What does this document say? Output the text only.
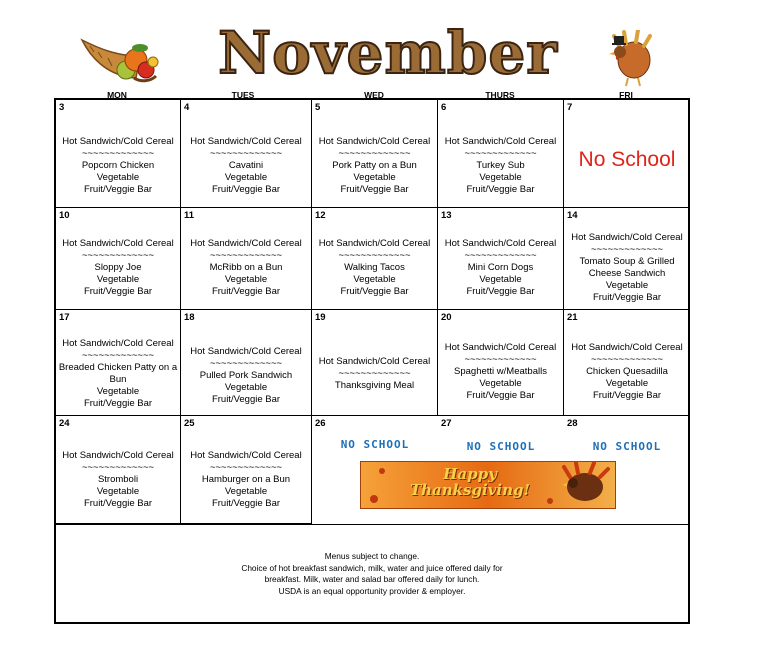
November
MON	TUES	WED	THURS	FRI
3
Hot Sandwich/Cold Cereal
~~~~~~~~~~~~~
Popcorn Chicken
Vegetable
Fruit/Veggie Bar
4
Hot Sandwich/Cold Cereal
~~~~~~~~~~~~~
Cavatini
Vegetable
Fruit/Veggie Bar
5
Hot Sandwich/Cold Cereal
~~~~~~~~~~~~~
Pork Patty on a Bun
Vegetable
Fruit/Veggie Bar
6
Hot Sandwich/Cold Cereal
~~~~~~~~~~~~~
Turkey Sub
Vegetable
Fruit/Veggie Bar
7
No School
10
Hot Sandwich/Cold Cereal
~~~~~~~~~~~~~
Sloppy Joe
Vegetable
Fruit/Veggie Bar
11
Hot Sandwich/Cold Cereal
~~~~~~~~~~~~~
McRibb on a Bun
Vegetable
Fruit/Veggie Bar
12
Hot Sandwich/Cold Cereal
~~~~~~~~~~~~~
Walking Tacos
Vegetable
Fruit/Veggie Bar
13
Hot Sandwich/Cold Cereal
~~~~~~~~~~~~~
Mini Corn Dogs
Vegetable
Fruit/Veggie Bar
14
Hot Sandwich/Cold Cereal
~~~~~~~~~~~~~
Tomato Soup & Grilled
Cheese Sandwich
Vegetable
Fruit/Veggie Bar
17
Hot Sandwich/Cold Cereal
~~~~~~~~~~~~~
Breaded Chicken Patty on a
Bun
Vegetable
Fruit/Veggie Bar
18
Hot Sandwich/Cold Cereal
~~~~~~~~~~~~~
Pulled Pork Sandwich
Vegetable
Fruit/Veggie Bar
19
Hot Sandwich/Cold Cereal
~~~~~~~~~~~~~
Thanksgiving Meal
20
Hot Sandwich/Cold Cereal
~~~~~~~~~~~~~
Spaghetti w/Meatballs
Vegetable
Fruit/Veggie Bar
21
Hot Sandwich/Cold Cereal
~~~~~~~~~~~~~
Chicken Quesadilla
Vegetable
Fruit/Veggie Bar
24
Hot Sandwich/Cold Cereal
~~~~~~~~~~~~~
Stromboli
Vegetable
Fruit/Veggie Bar
25
Hot Sandwich/Cold Cereal
~~~~~~~~~~~~~
Hamburger on a Bun
Vegetable
Fruit/Veggie Bar
26
NO SCHOOL
27
NO SCHOOL
28
NO SCHOOL
Menus subject to change.
Choice of hot breakfast sandwich, milk, water and juice offered daily for
breakfast. Milk, water and salad bar offered daily for lunch.
USDA is an equal opportunity provider & employer.
Happy
Thanksgiving!
